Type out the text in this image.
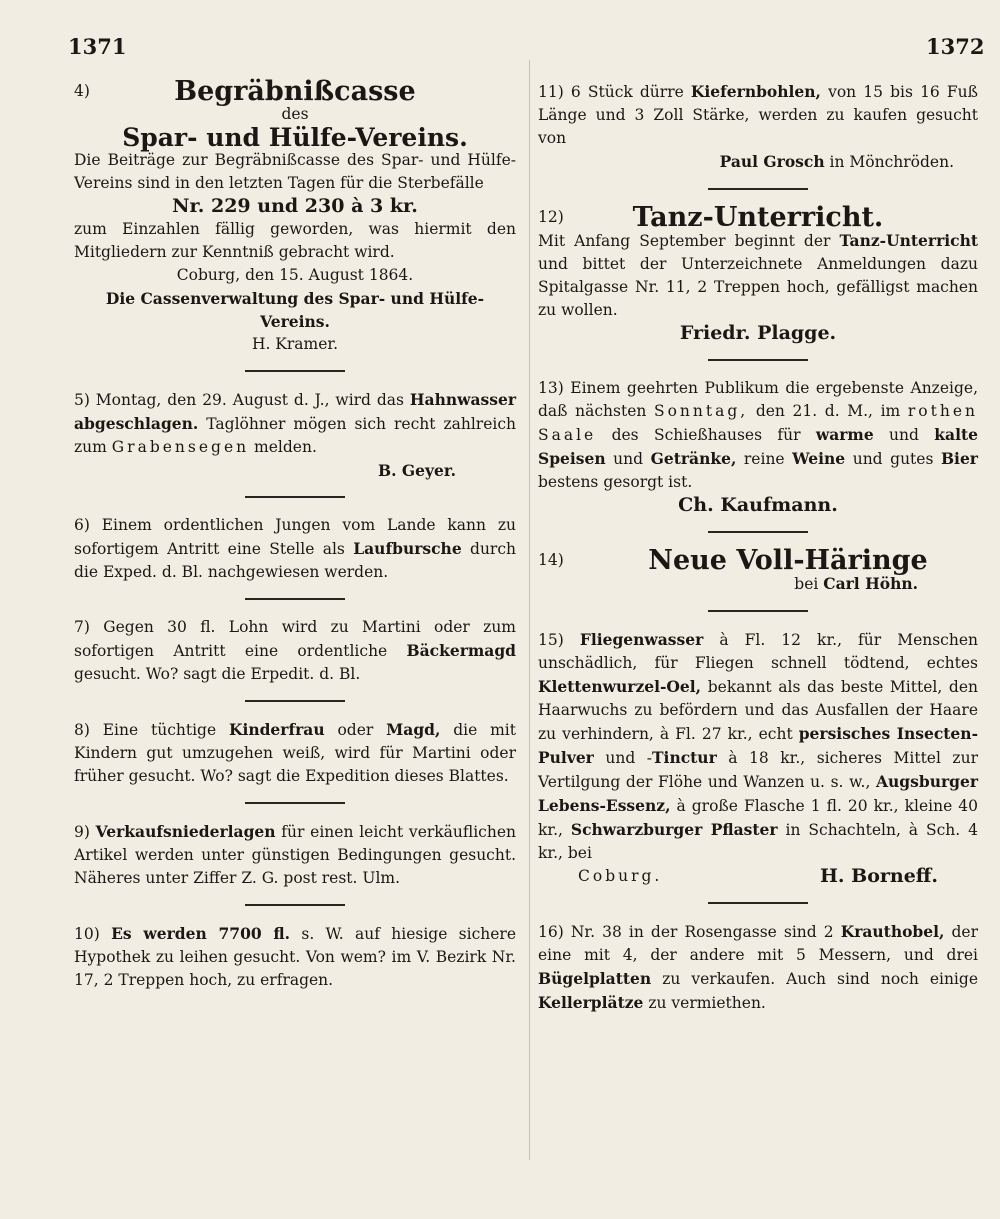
1371	1372
4)	Begräbnißcasse

des

Spar- und Hülfe-Vereins.

Die Beiträge zur Begräbnißcasse des Spar- und Hülfe-Vereins sind in den letzten Tagen für die Sterbefälle

Nr. 229 und 230 à 3 kr.

zum Einzahlen fällig geworden, was hiermit den Mitgliedern zur Kenntniß gebracht wird.

Coburg, den 15. August 1864.

Die Cassenverwaltung des Spar- und Hülfe-Vereins.

H. Kramer.

5) Montag, den 29. August d. J., wird das Hahnwasser abgeschlagen. Taglöhner mögen sich recht zahlreich zum Grabensegen melden.

B. Geyer.

6) Einem ordentlichen Jungen vom Lande kann zu sofortigem Antritt eine Stelle als Laufbursche durch die Exped. d. Bl. nachgewiesen werden.

7) Gegen 30 fl. Lohn wird zu Martini oder zum sofortigen Antritt eine ordentliche Bäckermagd gesucht. Wo? sagt die Erpedit. d. Bl.

8) Eine tüchtige Kinderfrau oder Magd, die mit Kindern gut umzugehen weiß, wird für Martini oder früher gesucht. Wo? sagt die Expedition dieses Blattes.

9) Verkaufsniederlagen für einen leicht verkäuflichen Artikel werden unter günstigen Bedingungen gesucht. Näheres unter Ziffer Z. G. post rest. Ulm.

10) Es werden 7700 fl. s. W. auf hiesige sichere Hypothek zu leihen gesucht. Von wem? im V. Bezirk Nr. 17, 2 Treppen hoch, zu erfragen.

11) 6 Stück dürre Kiefernbohlen, von 15 bis 16 Fuß Länge und 3 Zoll Stärke, werden zu kaufen gesucht von

Paul Grosch in Mönchröden.

12)	Tanz-Unterricht.

Mit Anfang September beginnt der Tanz-Unterricht und bittet der Unterzeichnete Anmeldungen dazu Spitalgasse Nr. 11, 2 Treppen hoch, gefälligst machen zu wollen.

Friedr. Plagge.

13) Einem geehrten Publikum die ergebenste Anzeige, daß nächsten Sonntag, den 21. d. M., im rothen Saale des Schießhauses für warme und kalte Speisen und Getränke, reine Weine und gutes Bier bestens gesorgt ist.

Ch. Kaufmann.

14)	Neue Voll-Häringe

bei Carl Höhn.

15) Fliegenwasser à Fl. 12 kr., für Menschen unschädlich, für Fliegen schnell tödtend, echtes Klettenwurzel-Oel, bekannt als das beste Mittel, den Haarwuchs zu befördern und das Ausfallen der Haare zu verhindern, à Fl. 27 kr., echt persisches Insecten-Pulver und -Tinctur à 18 kr., sicheres Mittel zur Vertilgung der Flöhe und Wanzen u. s. w., Augsburger Lebens-Essenz, à große Flasche 1 fl. 20 kr., kleine 40 kr., Schwarzburger Pflaster in Schachteln, à Sch. 4 kr., bei

Coburg.	H. Borneff.

16) Nr. 38 in der Rosengasse sind 2 Krauthobel, der eine mit 4, der andere mit 5 Messern, und drei Bügelplatten zu verkaufen. Auch sind noch einige Kellerplätze zu vermiethen.
